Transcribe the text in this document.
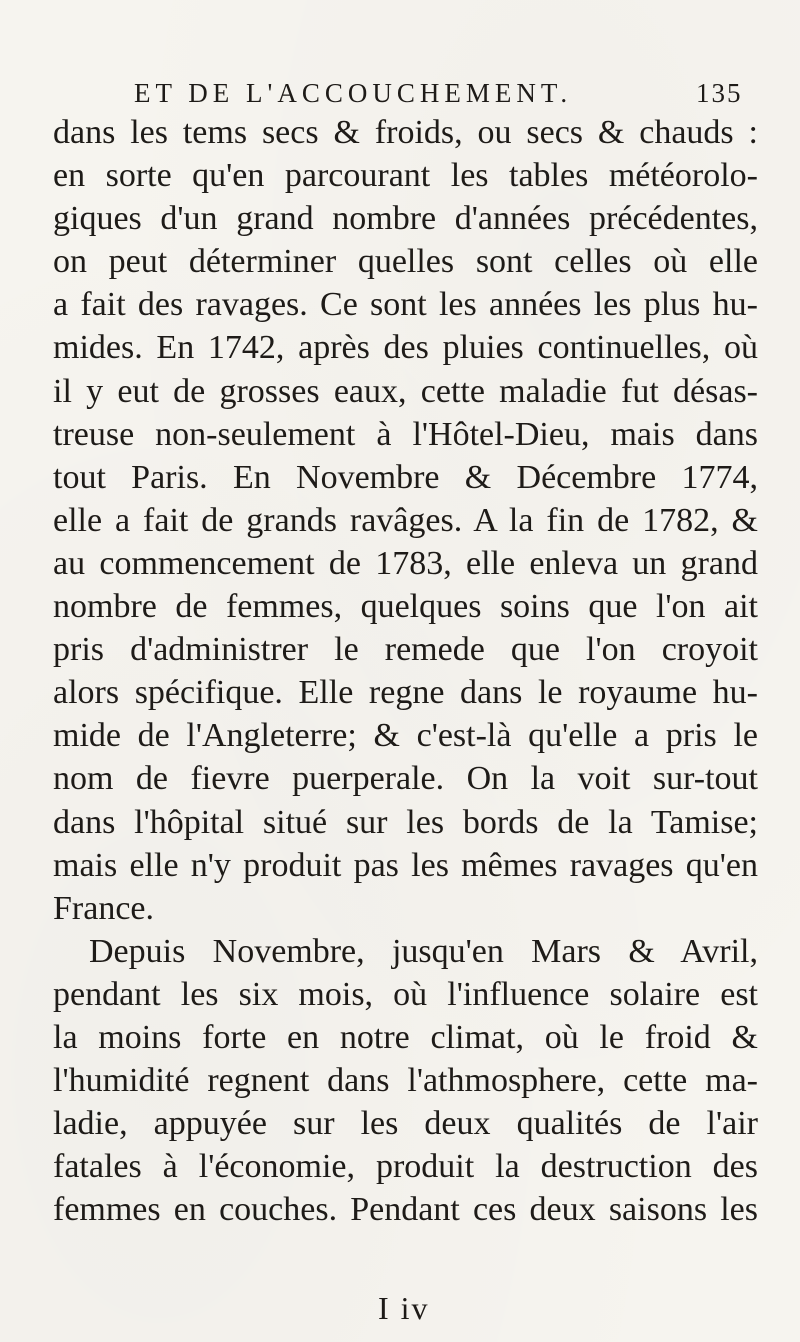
ET DE L'ACCOUCHEMENT.	135
dans les tems secs & froids, ou secs & chauds :
en sorte qu'en parcourant les tables météorolo-
giques d'un grand nombre d'années précédentes,
on peut déterminer quelles sont celles où elle
a fait des ravages. Ce sont les années les plus hu-
mides. En 1742, après des pluies continuelles, où
il y eut de grosses eaux, cette maladie fut désas-
treuse non-seulement à l'Hôtel-Dieu, mais dans
tout Paris. En Novembre & Décembre 1774,
elle a fait de grands ravâges. A la fin de 1782, &
au commencement de 1783, elle enleva un grand
nombre de femmes, quelques soins que l'on ait
pris d'administrer le remede que l'on croyoit
alors spécifique. Elle regne dans le royaume hu-
mide de l'Angleterre; & c'est-là qu'elle a pris le
nom de fievre puerperale. On la voit sur-tout
dans l'hôpital situé sur les bords de la Tamise;
mais elle n'y produit pas les mêmes ravages qu'en
France.
Depuis Novembre, jusqu'en Mars & Avril,
pendant les six mois, où l'influence solaire est
la moins forte en notre climat, où le froid &
l'humidité regnent dans l'athmosphere, cette ma-
ladie, appuyée sur les deux qualités de l'air
fatales à l'économie, produit la destruction des
femmes en couches. Pendant ces deux saisons les
I iv
